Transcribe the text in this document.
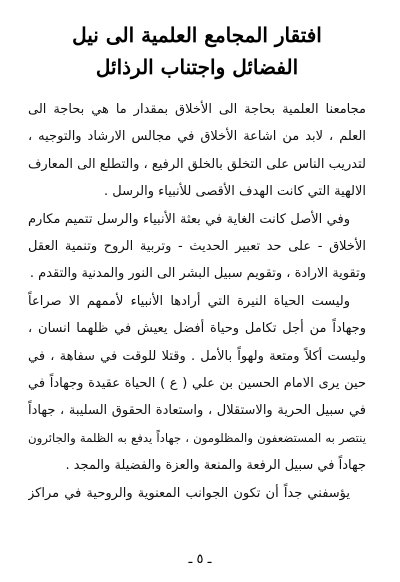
افتقار المجامع العلمية الى نيل
الفضائل واجتناب الرذائل

مجامعنا العلمية بحاجة الى الأخلاق بمقدار ما هي بحاجة الى
العلم ، لابد من اشاعة الأخلاق في مجالس الارشاد والتوجيه ،
لتدريب الناس على التخلق بالخلق الرفيع ، والتطلع الى المعارف
الالهية التي كانت الهدف الأقصى للأنبياء والرسل .

وفي الأصل كانت الغاية في بعثة الأنبياء والرسل تتميم مكارم
الأخلاق - على حد تعبير الحديث - وتربية الروح وتنمية العقل
وتقوية الارادة ، وتقويم سبيل البشر الى النور والمدنية والتقدم .

وليست الحياة النيرة التي أرادها الأنبياء لأممهم الا صراعاً
وجهاداً من أجل تكامل وحياة أفضل يعيش في ظلهما انسان ،
وليست أكلاً ومتعة ولهواً بالأمل . وقتلا للوقت في سفاهة ، في
حين يرى الامام الحسين بن علي ( ع ) الحياة عقيدة وجهاداً في
في سبيل الحرية والاستقلال ، واستعادة الحقوق السليبة ، جهاداً
ينتصر به المستضعفون والمظلومون ، جهاداً يدفع به الظلمة والجائرون
جهاداً في سبيل الرفعة والمنعة والعزة والفضيلة والمجد .

يؤسفني جداً أن تكون الجوانب المعنوية والروحية في مراكز

ـ ٥ ـ
